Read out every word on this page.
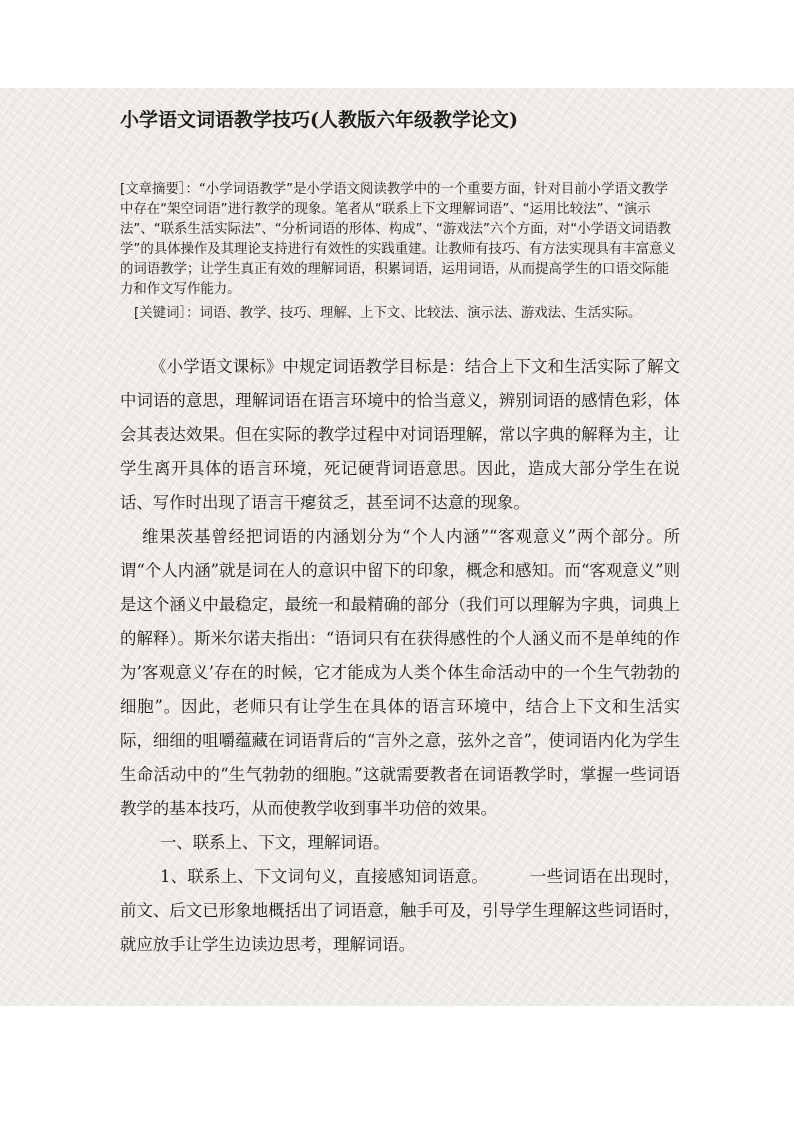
小学语文词语教学技巧(人教版六年级教学论文)

[文章摘要］：“小学词语教学”是小学语文阅读教学中的一个重要方面，针对目前小学语文教学中存在“架空词语”进行教学的现象。笔者从“联系上下文理解词语”、“运用比较法”、“演示法”、“联系生活实际法”、“分析词语的形体、构成”、“游戏法”六个方面，对“小学语文词语教学”的具体操作及其理论支持进行有效性的实践重建。让教师有技巧、有方法实现具有丰富意义的词语教学；让学生真正有效的理解词语，积累词语，运用词语，从而提高学生的口语交际能力和作文写作能力。

[关键词］：词语、教学、技巧、理解、上下文、比较法、演示法、游戏法、生活实际。

《小学语文课标》中规定词语教学目标是：结合上下文和生活实际了解文中词语的意思，理解词语在语言环境中的恰当意义，辨别词语的感情色彩，体会其表达效果。但在实际的教学过程中对词语理解，常以字典的解释为主，让学生离开具体的语言环境，死记硬背词语意思。因此，造成大部分学生在说话、写作时出现了语言干瘪贫乏，甚至词不达意的现象。

维果茨基曾经把词语的内涵划分为“个人内涵”“客观意义”两个部分。所谓“个人内涵”就是词在人的意识中留下的印象，概念和感知。而“客观意义”则是这个涵义中最稳定，最统一和最精确的部分（我们可以理解为字典，词典上的解释）。斯米尔诺夫指出：“语词只有在获得感性的个人涵义而不是单纯的作为’客观意义’存在的时候，它才能成为人类个体生命活动中的一个生气勃勃的细胞”。因此，老师只有让学生在具体的语言环境中，结合上下文和生活实际，细细的咀嚼蕴藏在词语背后的“言外之意，弦外之音”，使词语内化为学生生命活动中的“生气勃勃的细胞。”这就需要教者在词语教学时，掌握一些词语教学的基本技巧，从而使教学收到事半功倍的效果。

一、联系上、下文，理解词语。

1、联系上、下文词句义，直接感知词语意。　　　一些词语在出现时，前文、后文已形象地概括出了词语意，触手可及，引导学生理解这些词语时，就应放手让学生边读边思考，理解词语。
